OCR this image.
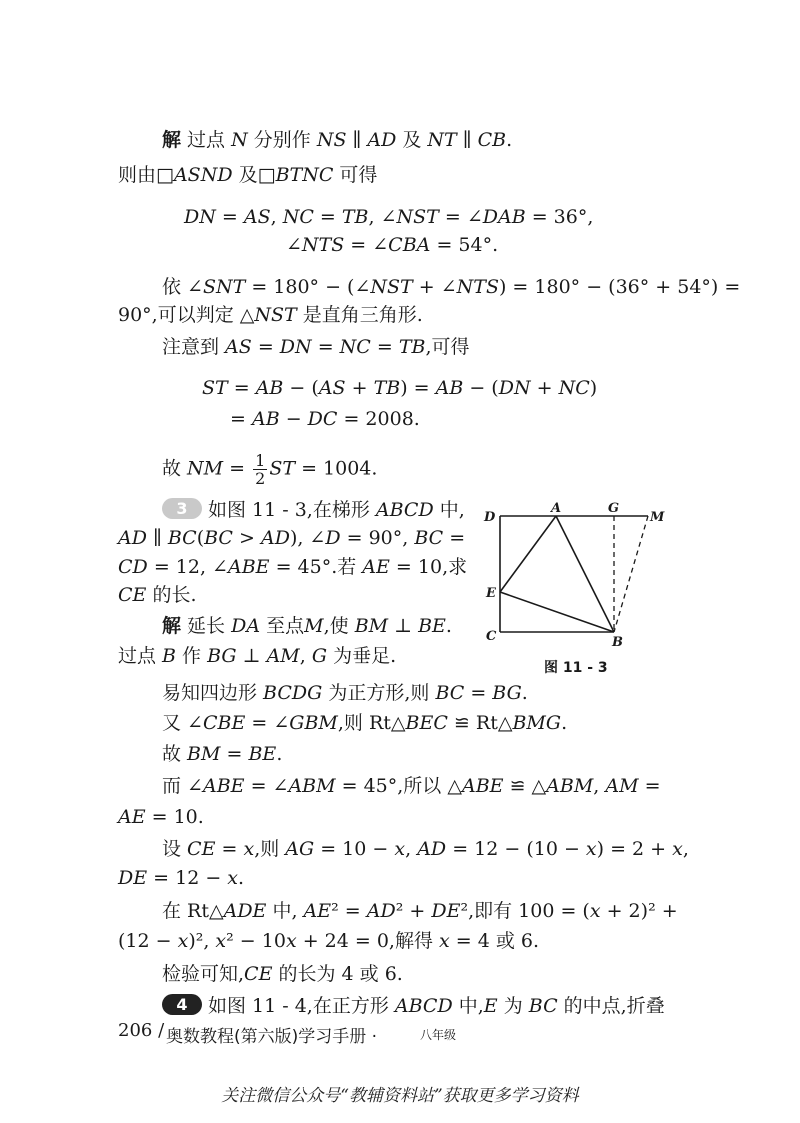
解 过点 N 分别作 NS ∥ AD 及 NT ∥ CB.
则由□ASND 及□BTNC 可得
DN = AS, NC = TB, ∠NST = ∠DAB = 36°,
∠NTS = ∠CBA = 54°.
依 ∠SNT = 180° − (∠NST + ∠NTS) = 180° − (36° + 54°) =
90°,可以判定 △NST 是直角三角形.
注意到 AS = DN = NC = TB,可得
ST = AB − (AS + TB) = AB − (DN + NC)
= AB − DC = 2008.
故 NM = $\frac{1}{2}$ ST = 1004.
3 如图 11 - 3,在梯形 ABCD 中,
AD ∥ BC(BC > AD), ∠D = 90°, BC =
CD = 12, ∠ABE = 45°.若 AE = 10,求
CE 的长.
解 延长 DA 至点M,使 BM ⊥ BE.
过点 B 作 BG ⊥ AM, G 为垂足.
易知四边形 BCDG 为正方形,则 BC = BG.
又 ∠CBE = ∠GBM,则 Rt△BEC ≌ Rt△BMG.
故 BM = BE.
而 ∠ABE = ∠ABM = 45°,所以 △ABE ≌ △ABM, AM =
AE = 10.
设 CE = x,则 AG = 10 − x, AD = 12 − (10 − x) = 2 + x,
DE = 12 − x.
在 Rt△ADE 中, AE² = AD² + DE²,即有 100 = (x + 2)² +
(12 − x)², x² − 10x + 24 = 0,解得 x = 4 或 6.
检验可知,CE 的长为 4 或 6.
4 如图 11 - 4,在正方形 ABCD 中,E 为 BC 的中点,折叠
D
A	G
M
E
C	B
图 11 - 3
206 / 奥数教程(第六版)学习手册 ·	八年级
关注微信公众号“教辅资料站”获取更多学习资料
